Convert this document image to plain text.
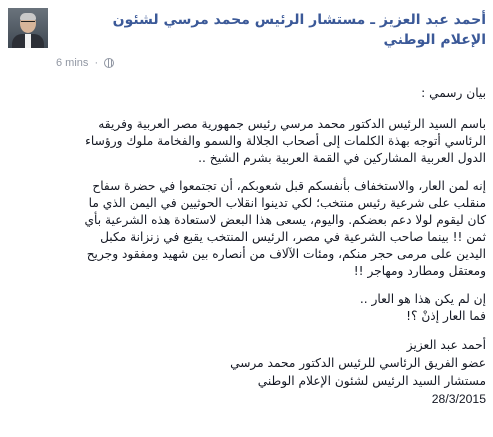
أحمد عبد العزيز ـ مستشار الرئيس محمد مرسي لشئون
الإعلام الوطني
6 mins ·

بيان رسمي :

باسم السيد الرئيس الدكتور محمد مرسي رئيس جمهورية مصر العربية وفريقه

الرئاسي أتوجه بهذة الكلمات إلى أصحاب الجلالة والسمو والفخامة ملوك ورؤساء

الدول العربية المشاركين في القمة العربية بشرم الشيخ ..

إنه لمن العار، والاستخفاف بأنفسكم قبل شعوبكم، أن تجتمعوا في حضرة سفاح

منقلب على شرعية رئيس منتخب؛ لكي تدينوا انقلاب الحوثيين في اليمن الذي ما

كان ليقوم لولا دعم بعضكم. واليوم، يسعى هذا البعض لاستعادة هذه الشرعية بأي

ثمن !! بينما صاحب الشرعية في مصر، الرئيس المنتخب يقبع في زنزانة مكبل

اليدين على مرمى حجر منكم، ومئات الآلاف من أنصاره بين شهيد ومفقود وجريح

ومعتقل ومطارد ومهاجر !!

إن لم يكن هذا هو العار ..

فما العار إذنْ ؟!

أحمد عبد العزيز

عضو الفريق الرئاسي للرئيس الدكتور محمد مرسي

مستشار السيد الرئيس لشئون الإعلام الوطني

28/3/2015
